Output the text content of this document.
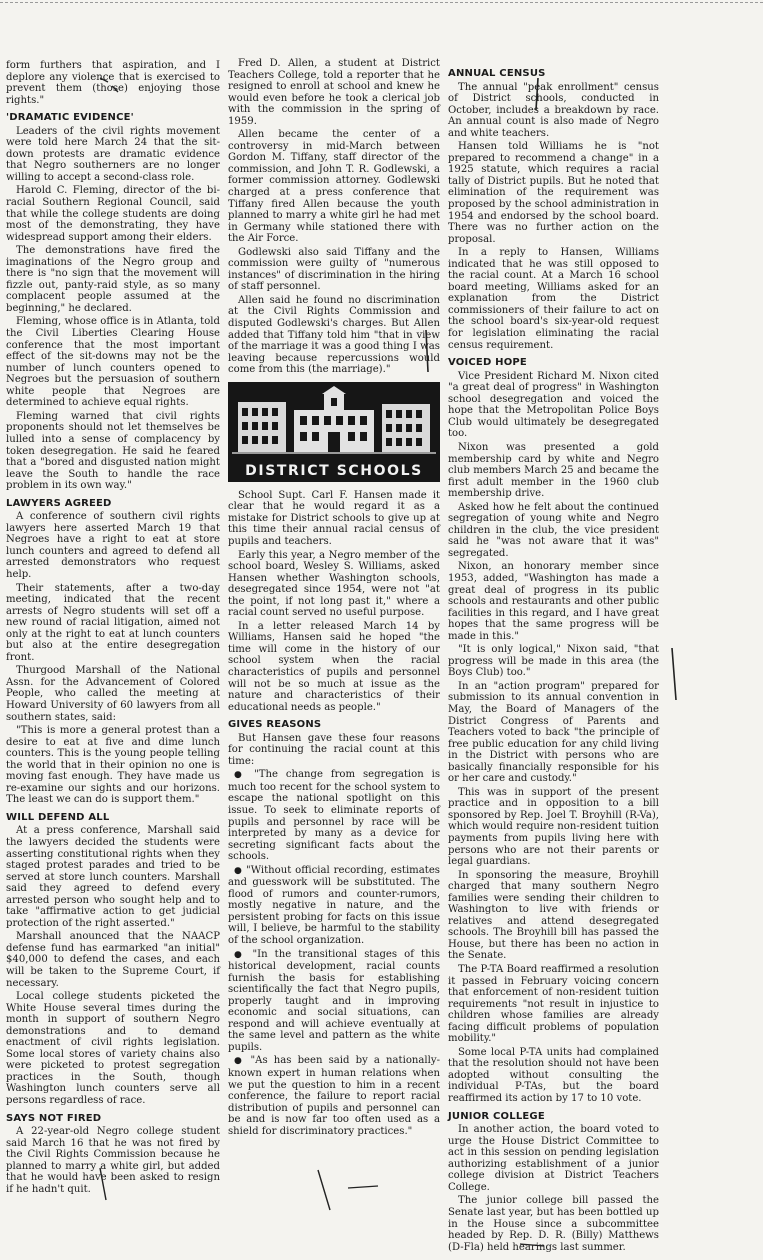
form furthers that aspiration, and I deplore any violence that is exercised to prevent them (those) enjoying those rights."

'DRAMATIC EVIDENCE'

Leaders of the civil rights movement were told here March 24 that the sit-down protests are dramatic evidence that Negro southerners are no longer willing to accept a second-class role.

Harold C. Fleming, director of the bi-racial Southern Regional Council, said that while the college students are doing most of the demonstrating, they have widespread support among their elders.

The demonstrations have fired the imaginations of the Negro group and there is "no sign that the movement will fizzle out, panty-raid style, as so many complacent people assumed at the beginning," he declared.

Fleming, whose office is in Atlanta, told the Civil Liberties Clearing House conference that the most important effect of the sit-downs may not be the number of lunch counters opened to Negroes but the persuasion of southern white people that Negroes are determined to achieve equal rights.

Fleming warned that civil rights proponents should not let themselves be lulled into a sense of complacency by token desegregation. He said he feared that a "bored and disgusted nation might leave the South to handle the race problem in its own way."

LAWYERS AGREED

A conference of southern civil rights lawyers here asserted March 19 that Negroes have a right to eat at store lunch counters and agreed to defend all arrested demonstrators who request help.

Their statements, after a two-day meeting, indicated that the recent arrests of Negro students will set off a new round of racial litigation, aimed not only at the right to eat at lunch counters but also at the entire desegregation front.

Thurgood Marshall of the National Assn. for the Advancement of Colored People, who called the meeting at Howard University of 60 lawyers from all southern states, said:

"This is more a general protest than a desire to eat at five and dime lunch counters. This is the young people telling the world that in their opinion no one is moving fast enough. They have made us re-examine our sights and our horizons. The least we can do is support them."

WILL DEFEND ALL

At a press conference, Marshall said the lawyers decided the students were asserting constitutional rights when they staged protest parades and tried to be served at store lunch counters. Marshall said they agreed to defend every arrested person who sought help and to take "affirmative action to get judicial protection of the right asserted."

Marshall anounced that the NAACP defense fund has earmarked "an initial" $40,000 to defend the cases, and each will be taken to the Supreme Court, if necessary.

Local college students picketed the White House several times during the month in support of southern Negro demonstrations and to demand enactment of civil rights legislation. Some local stores of variety chains also were picketed to protest segregation practices in the South, though Washington lunch counters serve all persons regardless of race.

SAYS NOT FIRED

A 22-year-old Negro college student said March 16 that he was not fired by the Civil Rights Commission because he planned to marry a white girl, but added that he would have been asked to resign if he hadn't quit.

Fred D. Allen, a student at District Teachers College, told a reporter that he resigned to enroll at school and knew he would even before he took a clerical job with the commission in the spring of 1959.

Allen became the center of a controversy in mid-March between Gordon M. Tiffany, staff director of the commission, and John T. R. Godlewski, a former commission attorney. Godlewski charged at a press conference that Tiffany fired Allen because the youth planned to marry a white girl he had met in Germany while stationed there with the Air Force.

Godlewski also said Tiffany and the commission were guilty of "numerous instances" of discrimination in the hiring of staff personnel.

Allen said he found no discrimination at the Civil Rights Commission and disputed Godlewski's charges. But Allen added that Tiffany told him "that in view of the marriage it was a good thing I was leaving because repercussions would come from this (the marriage)."

DISTRICT SCHOOLS

School Supt. Carl F. Hansen made it clear that he would regard it as a mistake for District schools to give up at this time their annual racial census of pupils and teachers.

Early this year, a Negro member of the school board, Wesley S. Williams, asked Hansen whether Washington schools, desegregated since 1954, were not "at the point, if not long past it," where a racial count served no useful purpose.

In a letter released March 14 by Williams, Hansen said he hoped "the time will come in the history of our school system when the racial characteristics of pupils and personnel will not be so much at issue as the nature and characteristics of their educational needs as people."

GIVES REASONS

But Hansen gave these four reasons for continuing the racial count at this time:

● "The change from segregation is much too recent for the school system to escape the national spotlight on this issue. To seek to eliminate reports of pupils and personnel by race will be interpreted by many as a device for secreting significant facts about the schools.

● "Without official recording, estimates and guesswork will be substituted. The flood of rumors and counter-rumors, mostly negative in nature, and the persistent probing for facts on this issue will, I believe, be harmful to the stability of the school organization.

● "In the transitional stages of this historical development, racial counts furnish the basis for establishing scientifically the fact that Negro pupils, properly taught and in improving economic and social situations, can respond and will achieve eventually at the same level and pattern as the white pupils.

● "As has been said by a nationally-known expert in human relations when we put the question to him in a recent conference, the failure to report racial distribution of pupils and personnel can be and is now far too often used as a shield for discriminatory practices."

ANNUAL CENSUS

The annual "peak enrollment" census of District schools, conducted in October, includes a breakdown by race. An annual count is also made of Negro and white teachers.

Hansen told Williams he is "not prepared to recommend a change" in a 1925 statute, which requires a racial tally of District pupils. But he noted that elimination of the requirement was proposed by the school administration in 1954 and endorsed by the school board. There was no further action on the proposal.

In a reply to Hansen, Williams indicated that he was still opposed to the racial count. At a March 16 school board meeting, Williams asked for an explanation from the District commissioners of their failure to act on the school board's six-year-old request for legislation eliminating the racial census requirement.

VOICED HOPE

Vice President Richard M. Nixon cited "a great deal of progress" in Washington school desegregation and voiced the hope that the Metropolitan Police Boys Club would ultimately be desegregated too.

Nixon was presented a gold membership card by white and Negro club members March 25 and became the first adult member in the 1960 club membership drive.

Asked how he felt about the continued segregation of young white and Negro children in the club, the vice president said he "was not aware that it was" segregated.

Nixon, an honorary member since 1953, added, "Washington has made a great deal of progress in its public schools and restaurants and other public facilities in this regard, and I have great hopes that the same progress will be made in this."

"It is only logical," Nixon said, "that progress will be made in this area (the Boys Club) too."

In an "action program" prepared for submission to its annual convention in May, the Board of Managers of the District Congress of Parents and Teachers voted to back "the principle of free public education for any child living in the District with persons who are basically financially responsible for his or her care and custody."

This was in support of the present practice and in opposition to a bill sponsored by Rep. Joel T. Broyhill (R-Va), which would require non-resident tuition payments from pupils living here with persons who are not their parents or legal guardians.

In sponsoring the measure, Broyhill charged that many southern Negro families were sending their children to Washington to live with friends or relatives and attend desegregated schools. The Broyhill bill has passed the House, but there has been no action in the Senate.

The P-TA Board reaffirmed a resolution it passed in February voicing concern that enforcement of non-resident tuition requirements "not result in injustice to children whose families are already facing difficult problems of population mobility."

Some local P-TA units had complained that the resolution should not have been adopted without consulting the individual P-TAs, but the board reaffirmed its action by 17 to 10 vote.

JUNIOR COLLEGE

In another action, the board voted to urge the House District Committee to act in this session on pending legislation authorizing establishment of a junior college division at District Teachers College.

The junior college bill passed the Senate last year, but has been bottled up in the House since a subcommittee headed by Rep. D. R. (Billy) Matthews (D-Fla) held hearings last summer.
